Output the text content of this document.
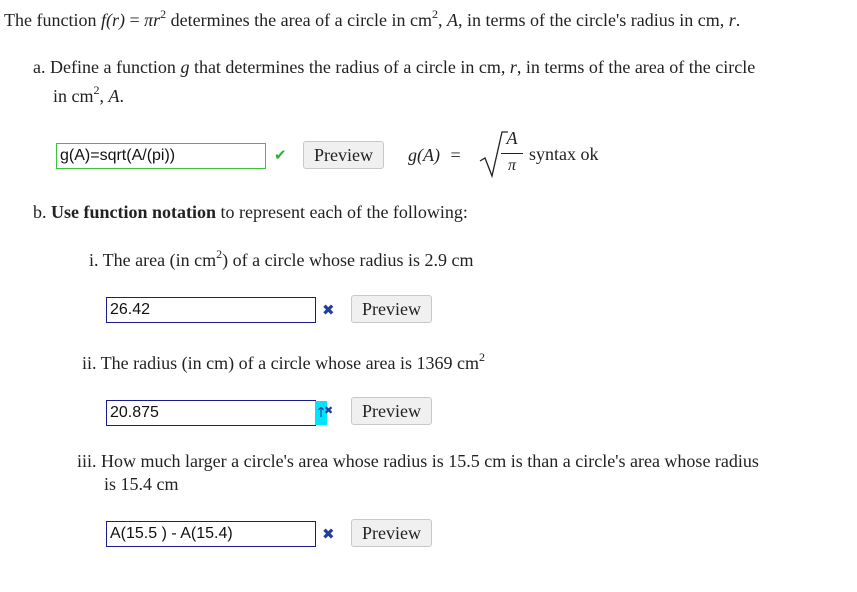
The function $f(r) = \pi r^2$ determines the area of a circle in $cm^2$, A, in terms of the circle's radius in cm, r.
a. Define a function g that determines the radius of a circle in cm, r, in terms of the area of the circle
in $cm^2$, A.
g(A)=sqrt(A/(pi))
✔	Preview	g(A) =
A
π
syntax ok
b. Use function notation to represent each of the following:
i. The area (in $cm^2$) of a circle whose radius is 2.9 cm
26.42
✖	Preview
ii. The radius (in cm) of a circle whose area is 1369 $cm^2$
20.875
↑
✖	Preview
iii. How much larger a circle's area whose radius is 15.5 cm is than a circle's area whose radius
is 15.4 cm
A(15.5 ) - A(15.4)
✖	Preview
